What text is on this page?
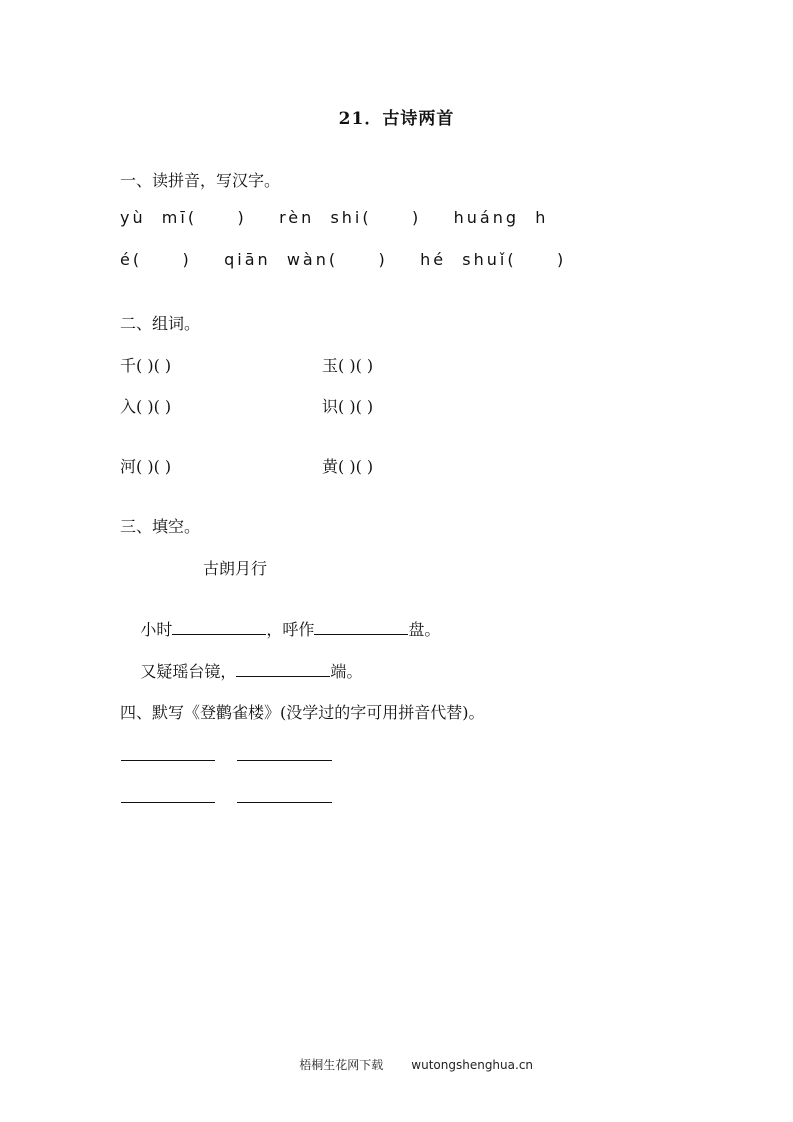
21．古诗两首
一、读拼音，写汉字。
yù  mī(     )    rèn  shi(     )    huáng  h
é(     )    qiān  wàn(     )    hé  shuǐ(     )
二、组词。
千( )( )	玉( )( )
入( )( )	识( )( )
河( )( )	黄( )( )
三、填空。
古朗月行

小时	，呼作	盘。

又疑瑶台镜，	端。

四、默写《登鹳雀楼》(没学过的字可用拼音代替)。

梧桐生花网下载 wutongshenghua.cn
